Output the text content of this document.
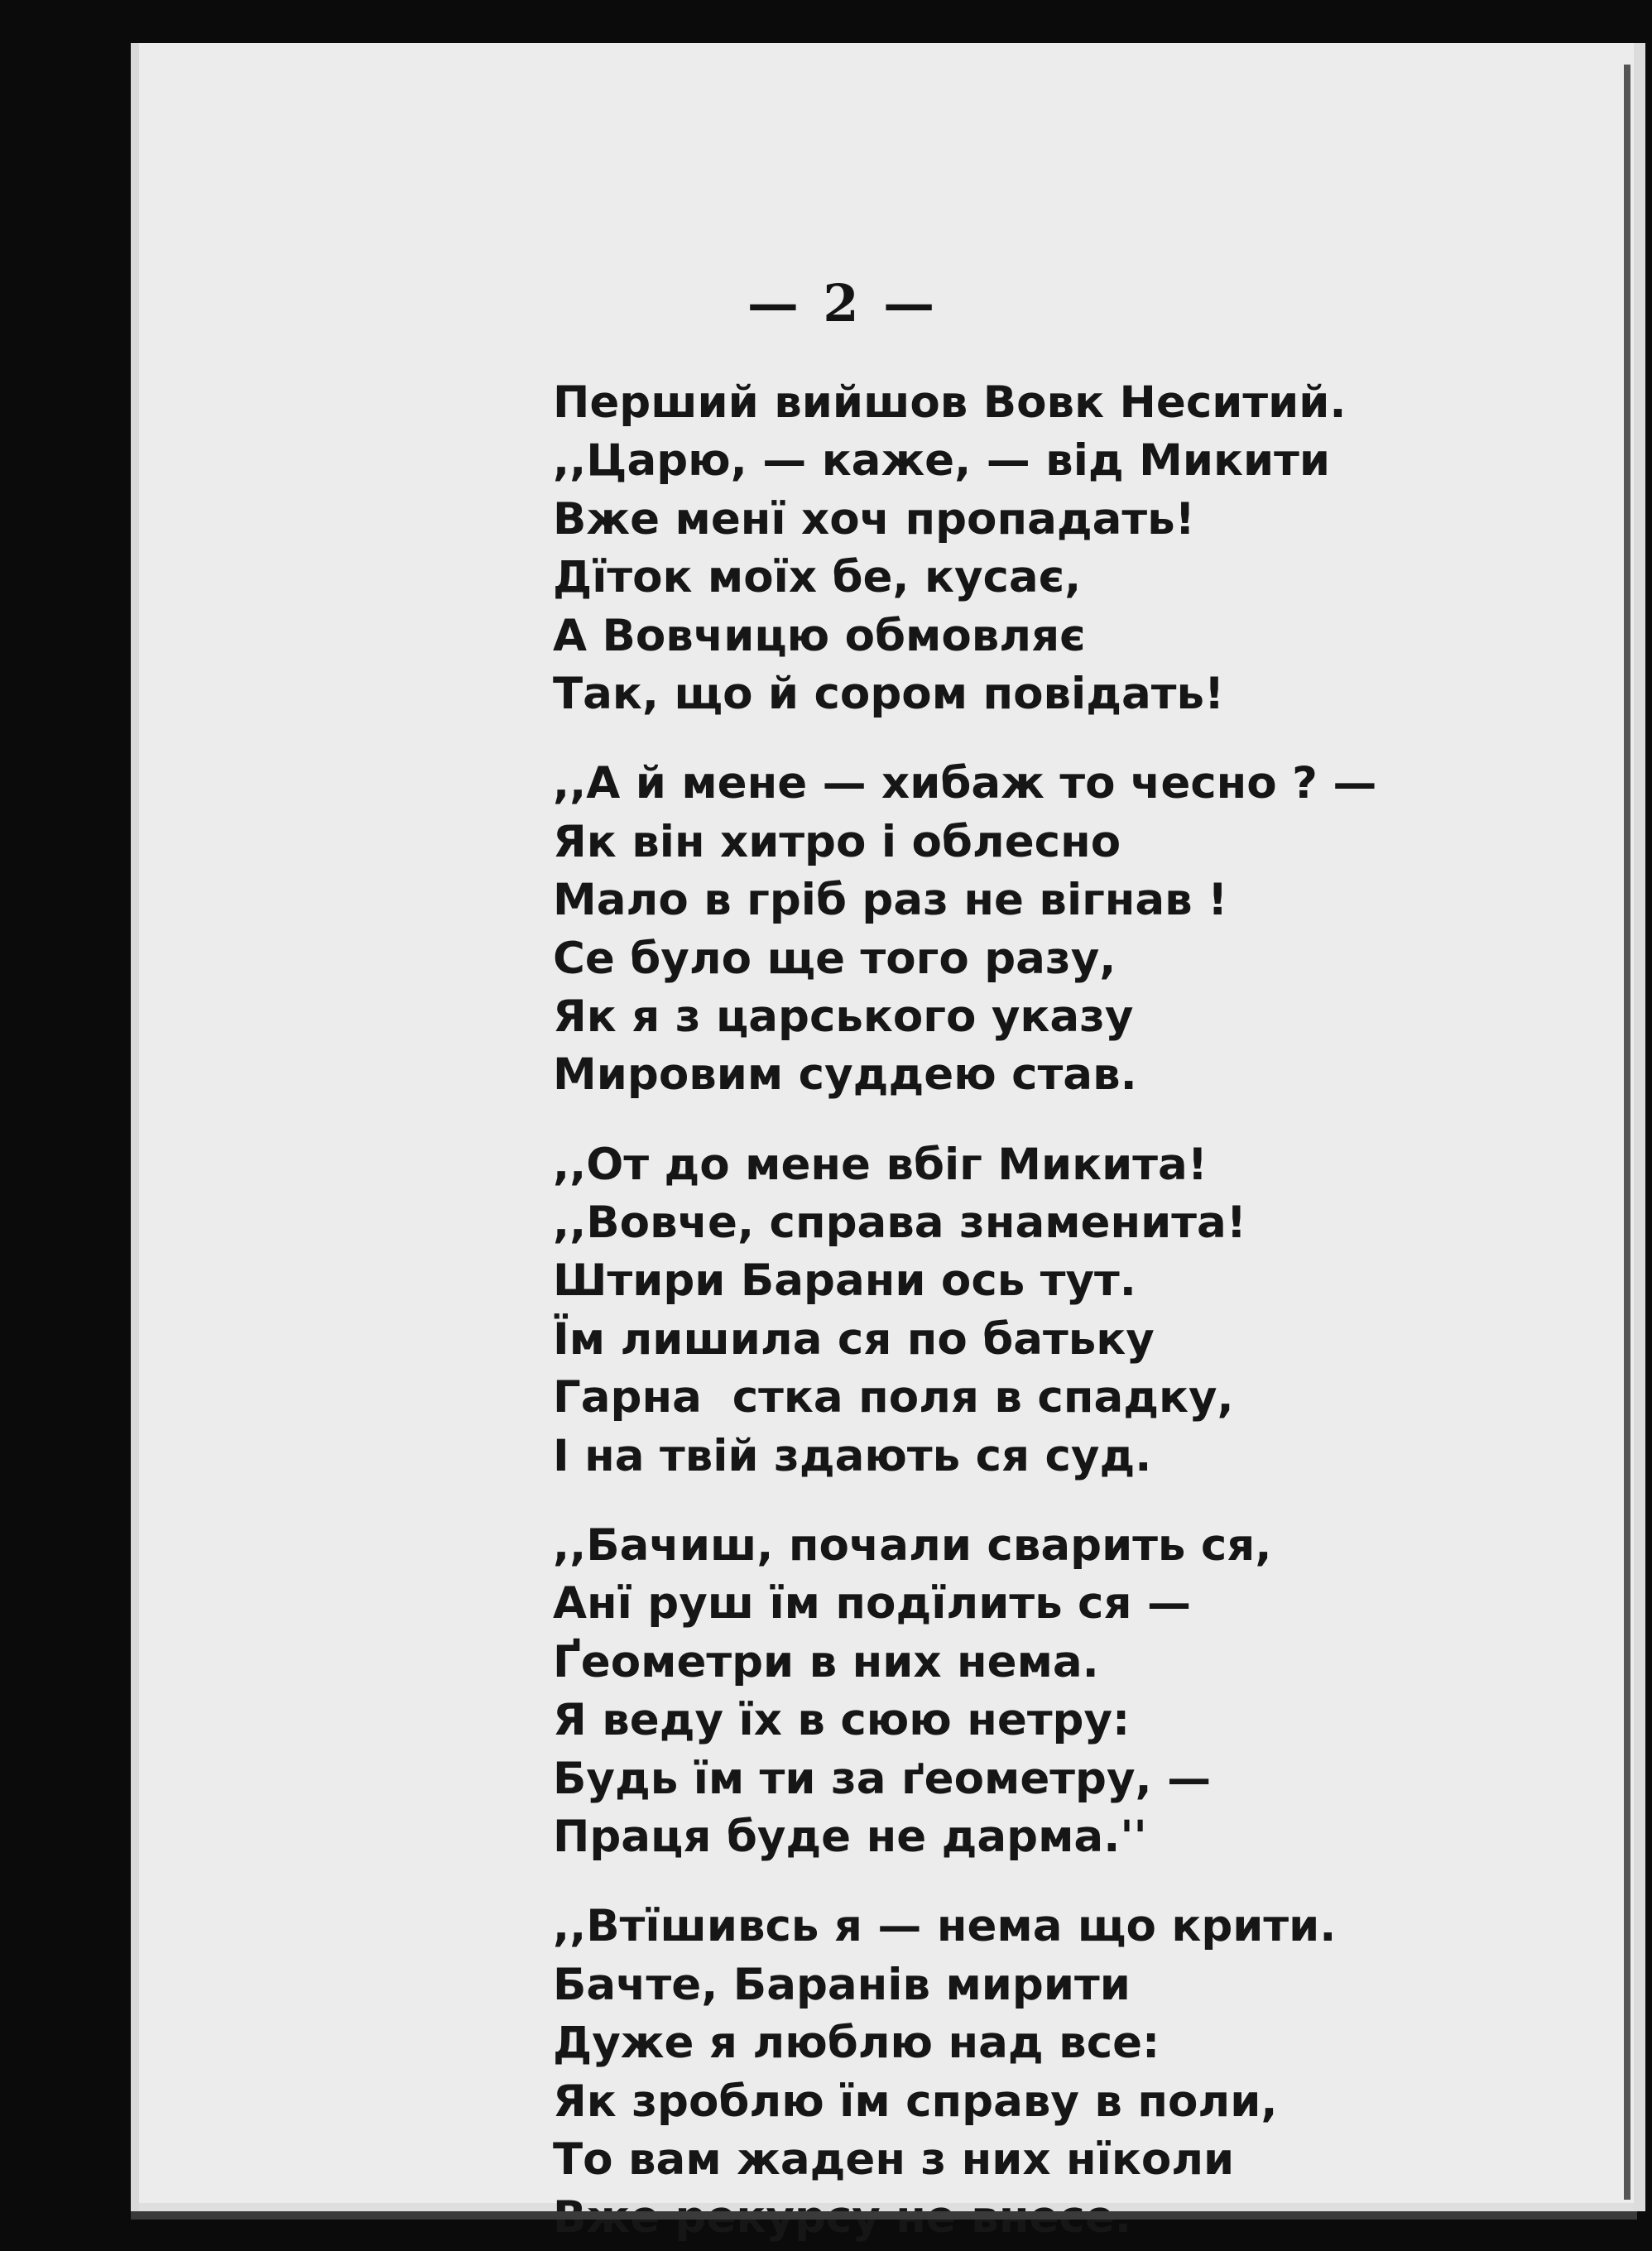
— 2 —
Перший вийшов Вовк Неситий.
,,Царю, — каже, — від Микити
Вже менї хоч пропадать!
Дїток моїх бе, кусає,
А Вовчицю обмовляє
Так, що й сором повідать!
,,А й мене — хибаж то чесно ? —
Як він хитро і облесно
Мало в гріб раз не вігнав !
Се було ще того разу,
Як я з царського указу
Мировим суддею став.
,,От до мене вбіг Микита!
,,Вовче, справа знаменита!
Штири Барани ось тут.
Їм лишила ся по батьку
Гарна  стка поля в спадку,
І на твій здають ся суд.
,,Бачиш, почали сварить ся,
Анї руш їм подїлить ся —
Ґеометри в них нема.
Я веду їх в сюю нетру:
Будь їм ти за ґеометру, —
Праця буде не дарма.''
,,Втїшивсь я — нема що крити.
Бачте, Баранів мирити
Дуже я люблю над все:
Як зроблю їм справу в поли,
То вам жаден з них нїколи
